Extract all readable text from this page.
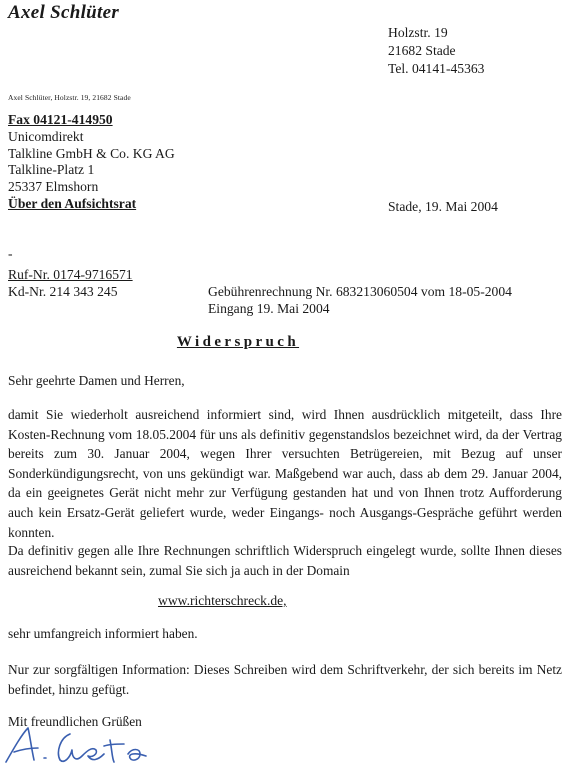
Axel Schlüter
Holzstr. 19
21682 Stade
Tel. 04141-45363
Axel Schlüter, Holzstr. 19, 21682 Stade
Fax 04121-414950
Unicomdirekt
Talkline GmbH & Co. KG AG
Talkline-Platz 1
25337 Elmshorn
Über den Aufsichtsrat	Stade, 19. Mai 2004
-
Ruf-Nr. 0174-9716571
Kd-Nr. 214 343 245	Gebührenrechnung Nr. 683213060504 vom 18-05-2004
Eingang 19. Mai 2004
Widerspruch
Sehr geehrte Damen und Herren,
damit Sie wiederholt ausreichend informiert sind, wird Ihnen ausdrücklich mitgeteilt, dass Ihre Kosten-Rechnung vom 18.05.2004 für uns als definitiv gegenstandslos bezeichnet wird, da der Vertrag bereits zum 30. Januar 2004, wegen Ihrer versuchten Betrügereien, mit Bezug auf unser Sonderkündigungsrecht, von uns gekündigt war. Maßgebend war auch, dass ab dem 29. Januar 2004, da ein geeignetes Gerät nicht mehr zur Verfügung gestanden hat und von Ihnen trotz Aufforderung auch kein Ersatz-Gerät geliefert wurde, weder Eingangs- noch Ausgangs-Gespräche geführt werden konnten.
Da definitiv gegen alle Ihre Rechnungen schriftlich Widerspruch eingelegt wurde, sollte Ihnen dieses ausreichend bekannt sein, zumal Sie sich ja auch in der Domain
www.richterschreck.de,
sehr umfangreich informiert haben.
Nur zur sorgfältigen Information: Dieses Schreiben wird dem Schriftverkehr, der sich bereits im Netz befindet, hinzu gefügt.
Mit freundlichen Grüßen
